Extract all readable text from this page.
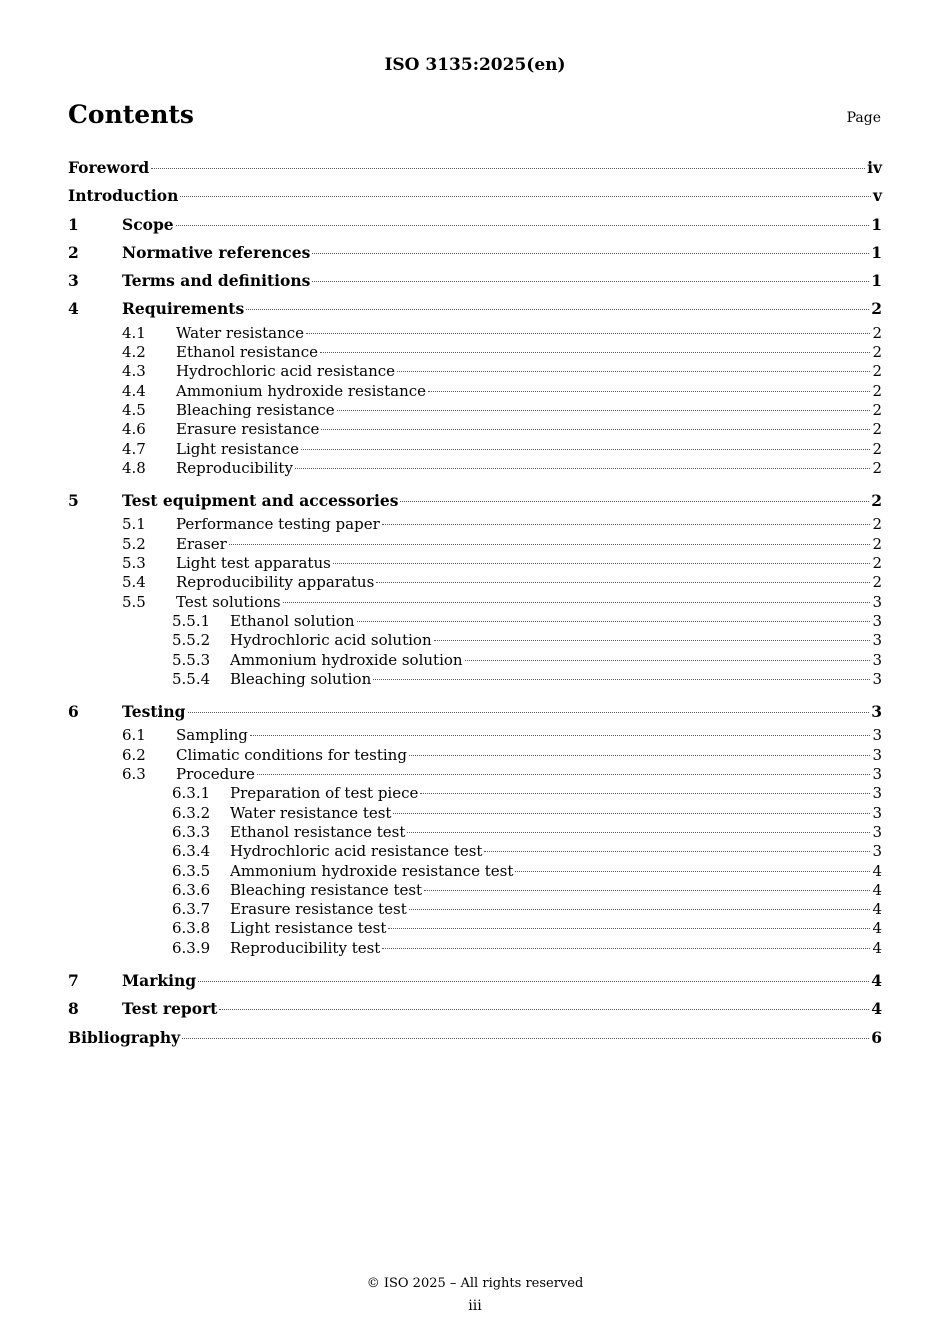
ISO 3135:2025(en)
Contents	Page
Foreword	iv
Introduction	v
1	Scope	1
2	Normative references	1
3	Terms and definitions	1
4	Requirements	2
4.1	Water resistance	2
4.2	Ethanol resistance	2
4.3	Hydrochloric acid resistance	2
4.4	Ammonium hydroxide resistance	2
4.5	Bleaching resistance	2
4.6	Erasure resistance	2
4.7	Light resistance	2
4.8	Reproducibility	2
5	Test equipment and accessories	2
5.1	Performance testing paper	2
5.2	Eraser	2
5.3	Light test apparatus	2
5.4	Reproducibility apparatus	2
5.5	Test solutions	3
5.5.1	Ethanol solution	3
5.5.2	Hydrochloric acid solution	3
5.5.3	Ammonium hydroxide solution	3
5.5.4	Bleaching solution	3
6	Testing	3
6.1	Sampling	3
6.2	Climatic conditions for testing	3
6.3	Procedure	3
6.3.1	Preparation of test piece	3
6.3.2	Water resistance test	3
6.3.3	Ethanol resistance test	3
6.3.4	Hydrochloric acid resistance test	3
6.3.5	Ammonium hydroxide resistance test	4
6.3.6	Bleaching resistance test	4
6.3.7	Erasure resistance test	4
6.3.8	Light resistance test	4
6.3.9	Reproducibility test	4
7	Marking	4
8	Test report	4
Bibliography	6
© ISO 2025 – All rights reserved
iii
